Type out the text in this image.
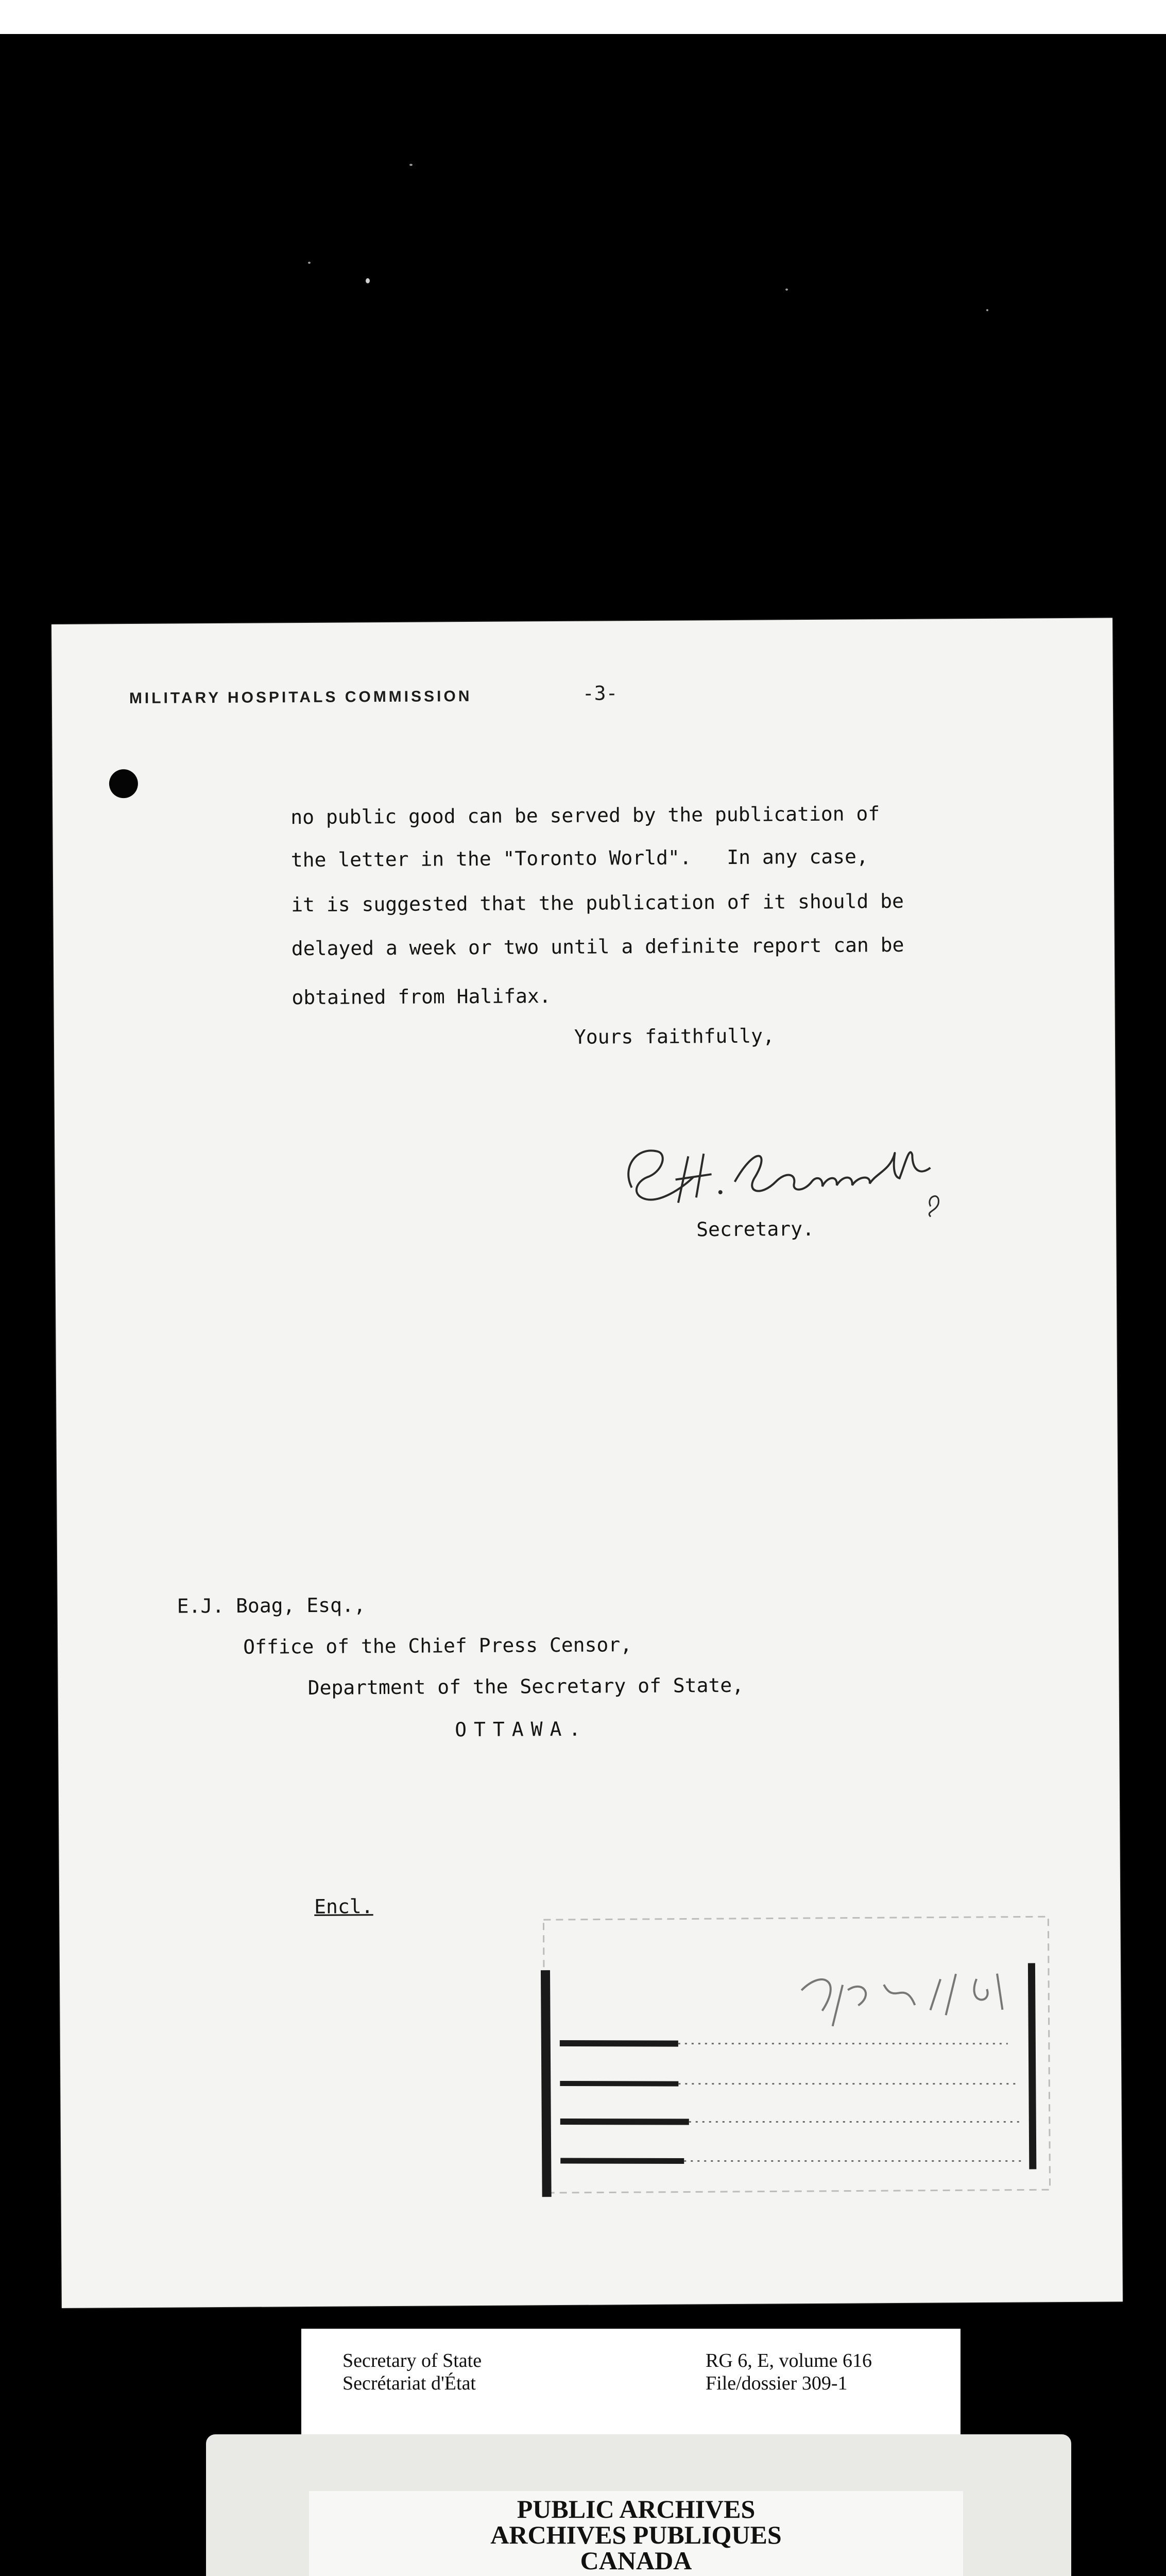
MILITARY HOSPITALS COMMISSION	-3-
no public good can be served by the publication of
the letter in the "Toronto World".   In any case,
it is suggested that the publication of it should be
delayed a week or two until a definite report can be
obtained from Halifax.
Yours faithfully,
Secretary.
E.J. Boag, Esq.,
Office of the Chief Press Censor,
Department of the Secretary of State,
OTTAWA.
Encl.
Secretary of State
Secrétariat d'État
RG 6, E, volume 616
File/dossier 309-1
PUBLIC ARCHIVES
ARCHIVES PUBLIQUES
CANADA
